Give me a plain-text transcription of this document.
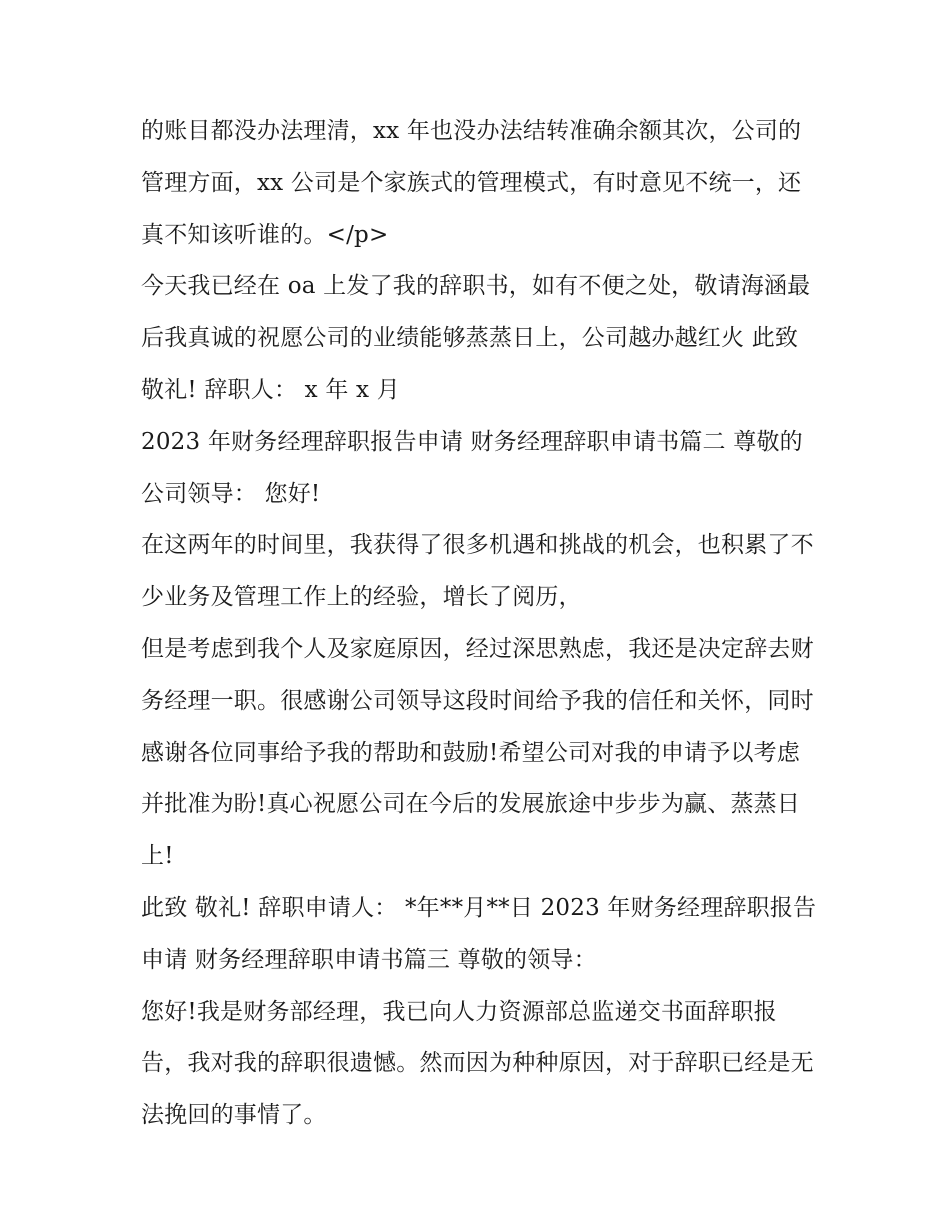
的账目都没办法理清，xx 年也没办法结转准确余额其次，公司的管理方面，xx 公司是个家族式的管理模式，有时意见不统一，还真不知该听谁的。</p>

今天我已经在 oa 上发了我的辞职书，如有不便之处，敬请海涵最后我真诚的祝愿公司的业绩能够蒸蒸日上，公司越办越红火 此致 敬礼! 辞职人： x 年 x 月

2023 年财务经理辞职报告申请 财务经理辞职申请书篇二 尊敬的公司领导： 您好!

在这两年的时间里，我获得了很多机遇和挑战的机会，也积累了不少业务及管理工作上的经验，增长了阅历，

但是考虑到我个人及家庭原因，经过深思熟虑，我还是决定辞去财务经理一职。很感谢公司领导这段时间给予我的信任和关怀，同时感谢各位同事给予我的帮助和鼓励!希望公司对我的申请予以考虑并批准为盼!真心祝愿公司在今后的发展旅途中步步为赢、蒸蒸日上!

此致 敬礼! 辞职申请人： *年**月**日 2023 年财务经理辞职报告申请 财务经理辞职申请书篇三 尊敬的领导：

您好!我是财务部经理，我已向人力资源部总监递交书面辞职报告，我对我的辞职很遗憾。然而因为种种原因，对于辞职已经是无法挽回的事情了。
